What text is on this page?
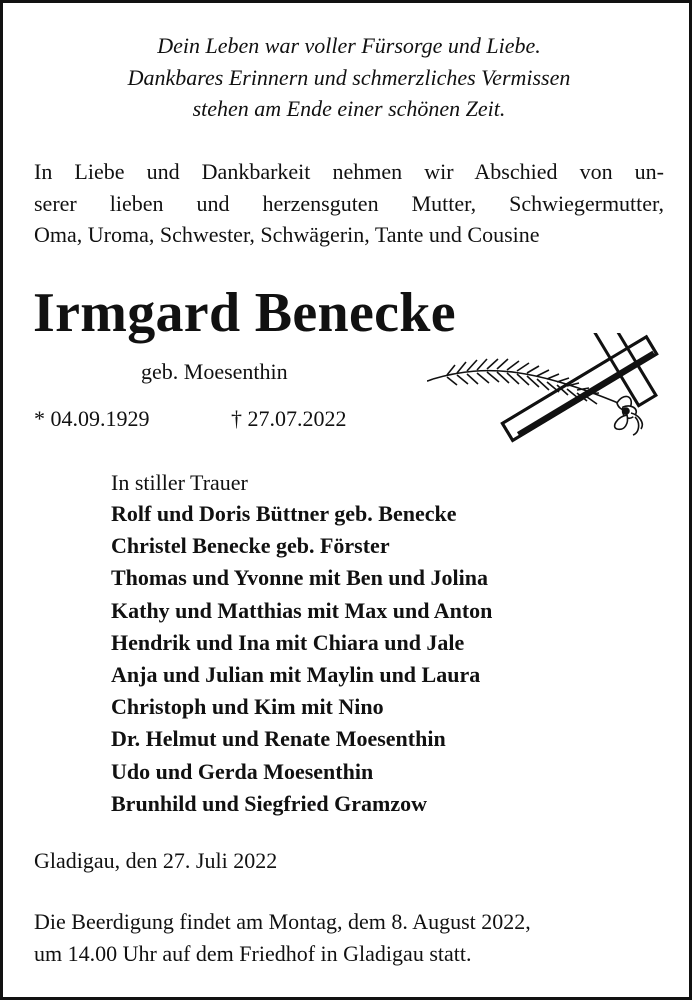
Dein Leben war voller Fürsorge und Liebe.
Dankbares Erinnern und schmerzliches Vermissen
stehen am Ende einer schönen Zeit.
In Liebe und Dankbarkeit nehmen wir Abschied von un-
serer lieben und herzensguten Mutter, Schwiegermutter,
Oma, Uroma, Schwester, Schwägerin, Tante und Cousine
Irmgard Benecke
geb. Moesenthin
* 04.09.1929	† 27.07.2022
In stiller Trauer
Rolf und Doris Büttner geb. Benecke
Christel Benecke geb. Förster
Thomas und Yvonne mit Ben und Jolina
Kathy und Matthias mit Max und Anton
Hendrik und Ina mit Chiara und Jale
Anja und Julian mit Maylin und Laura
Christoph und Kim mit Nino
Dr. Helmut und Renate Moesenthin
Udo und Gerda Moesenthin
Brunhild und Siegfried Gramzow
Gladigau, den 27. Juli 2022
Die Beerdigung findet am Montag, dem 8. August 2022,
um 14.00 Uhr auf dem Friedhof in Gladigau statt.
